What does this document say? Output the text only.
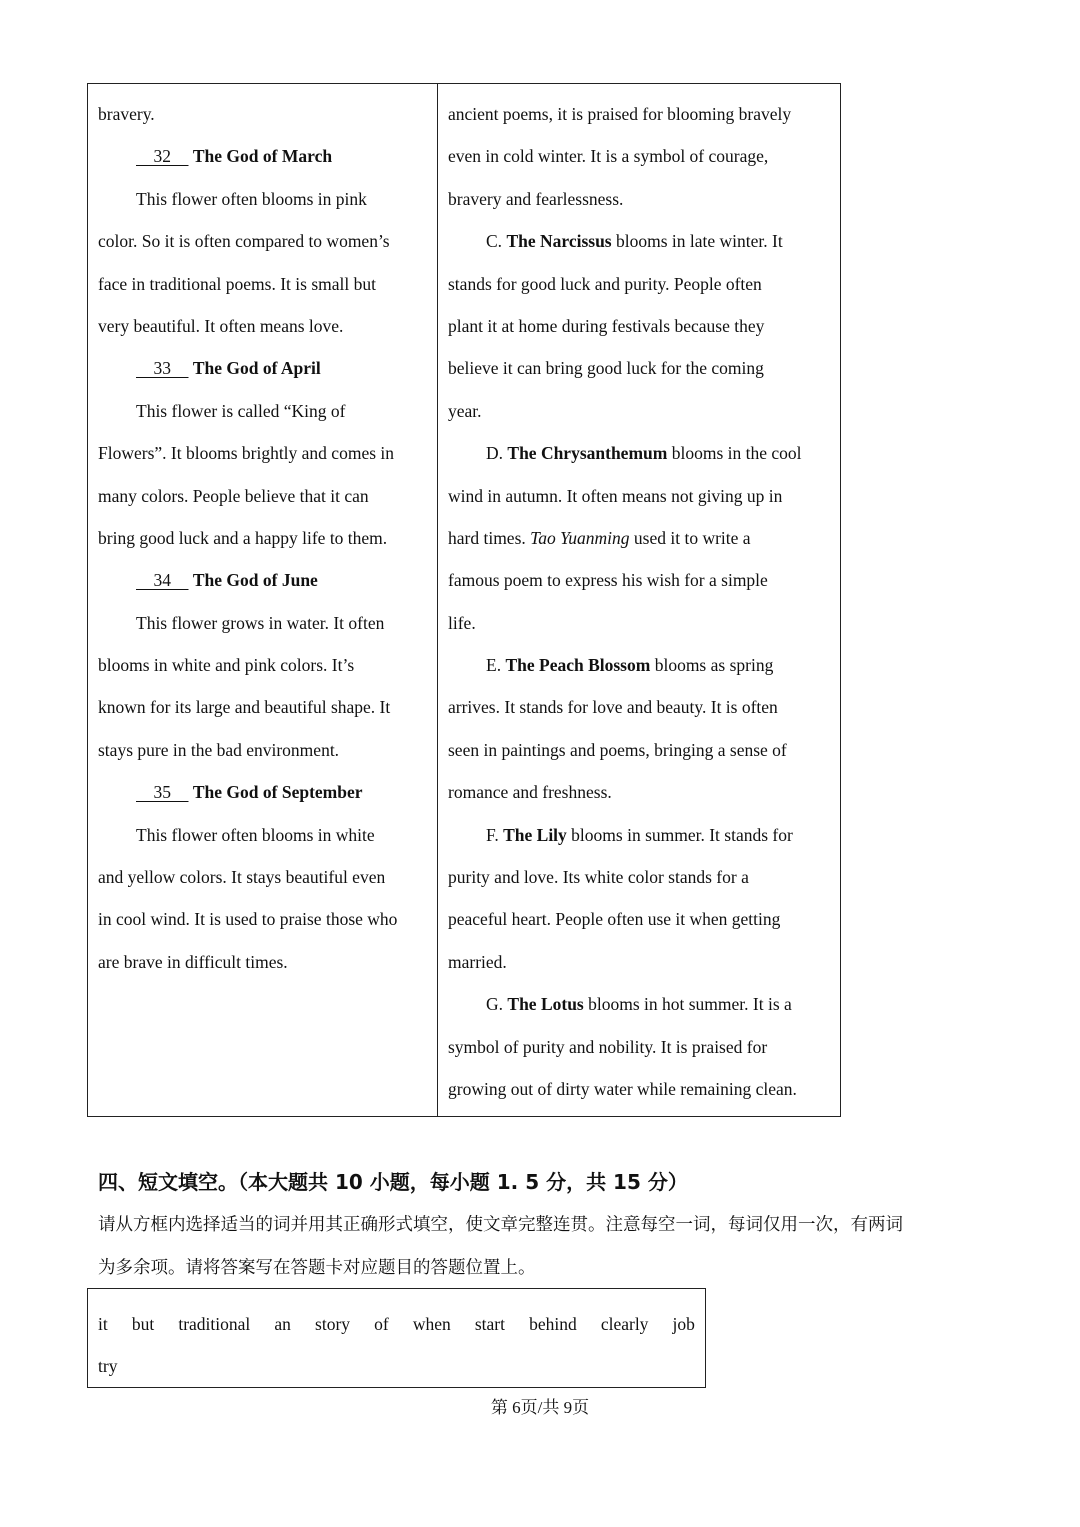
bravery.
32 The God of March
This flower often blooms in pink
color. So it is often compared to women’s
face in traditional poems. It is small but
very beautiful. It often means love.
33 The God of April
This flower is called “King of
Flowers”. It blooms brightly and comes in
many colors. People believe that it can
bring good luck and a happy life to them.
34 The God of June
This flower grows in water. It often
blooms in white and pink colors. It’s
known for its large and beautiful shape. It
stays pure in the bad environment.
35 The God of September
This flower often blooms in white
and yellow colors. It stays beautiful even
in cool wind. It is used to praise those who
are brave in difficult times.
ancient poems, it is praised for blooming bravely
even in cold winter. It is a symbol of courage,
bravery and fearlessness.
C. The Narcissus blooms in late winter. It
stands for good luck and purity. People often
plant it at home during festivals because they
believe it can bring good luck for the coming
year.
D. The Chrysanthemum blooms in the cool
wind in autumn. It often means not giving up in
hard times. Tao Yuanming used it to write a
famous poem to express his wish for a simple
life.
E. The Peach Blossom blooms as spring
arrives. It stands for love and beauty. It is often
seen in paintings and poems, bringing a sense of
romance and freshness.
F. The Lily blooms in summer. It stands for
purity and love. Its white color stands for a
peaceful heart. People often use it when getting
married.
G. The Lotus blooms in hot summer. It is a
symbol of purity and nobility. It is praised for
growing out of dirty water while remaining clean.
四、短文填空。（本大题共 10 小题，每小题 1. 5 分，共 15 分）
请从方框内选择适当的词并用其正确形式填空，使文章完整连贯。注意每空一词，每词仅用一次，有两词
为多余项。请将答案写在答题卡对应题目的答题位置上。
it but traditional an story of when start behind clearly job
try
第 6页/共 9页
